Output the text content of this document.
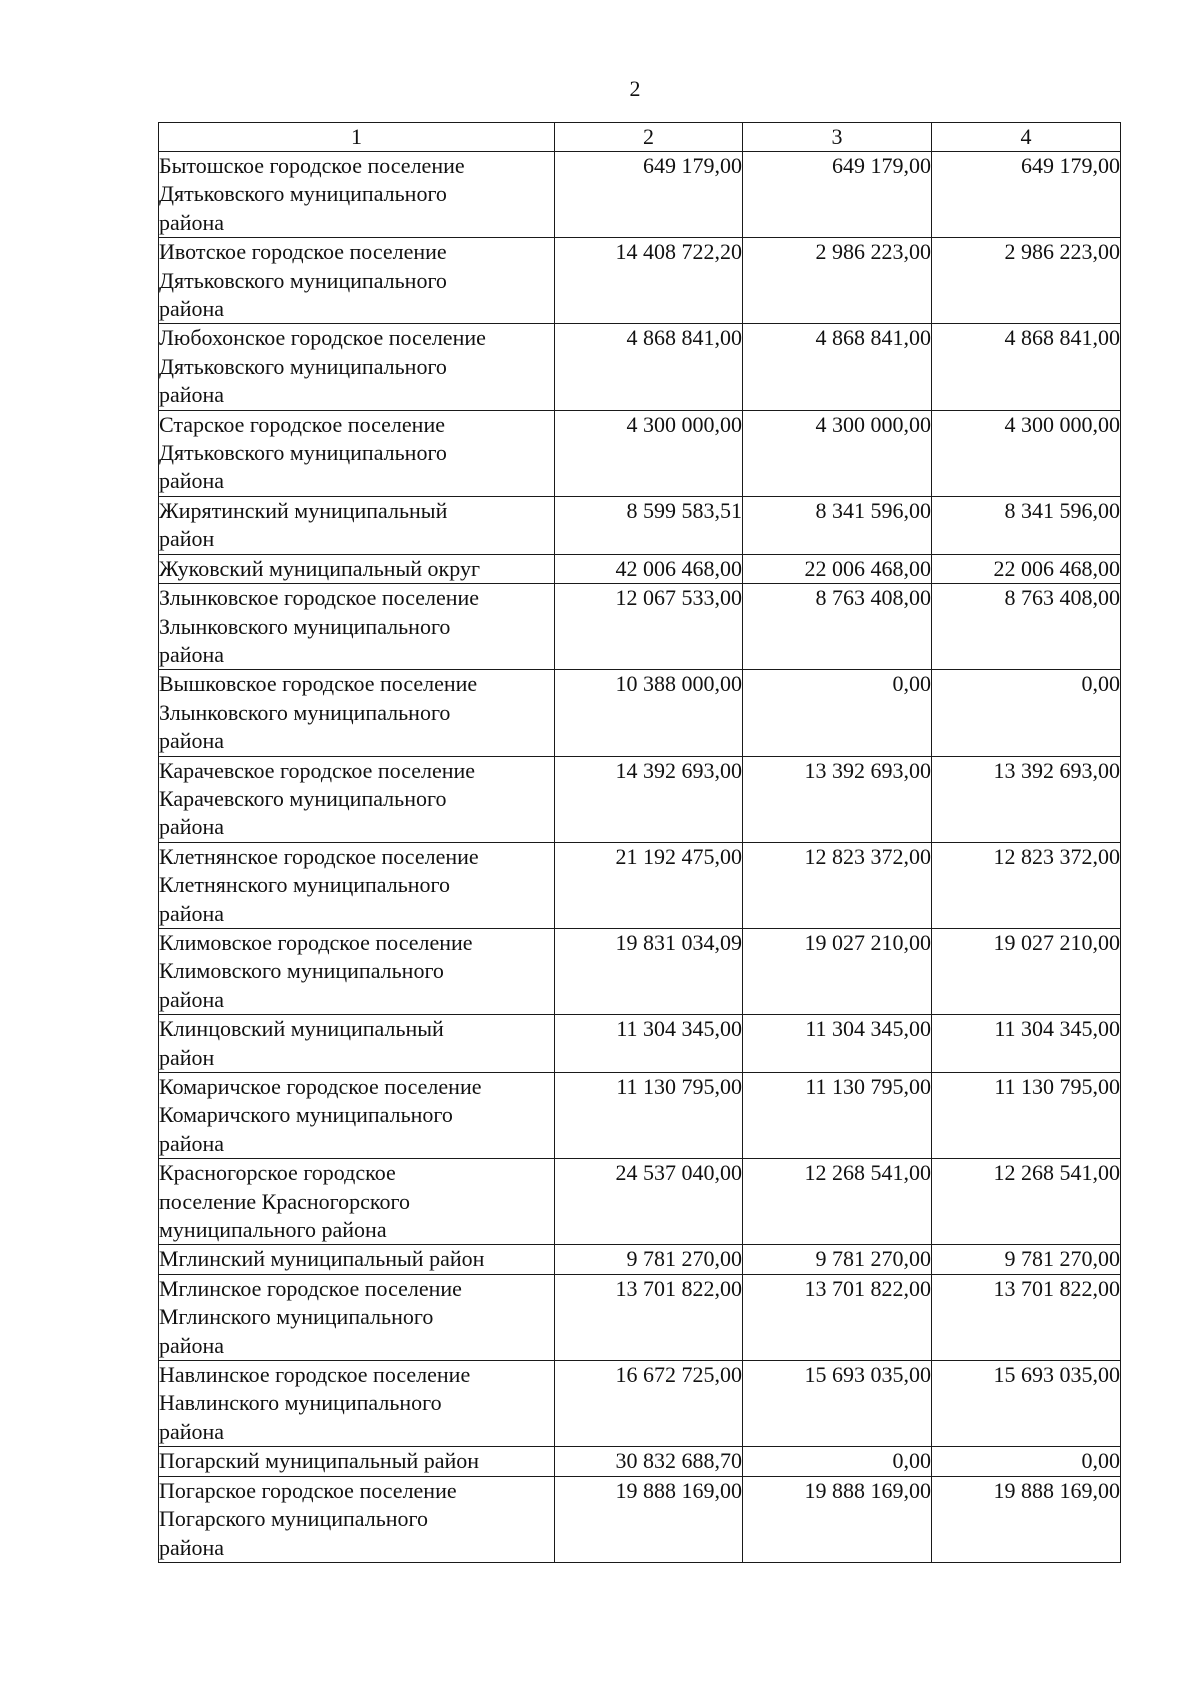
2
1	2	3	4

Бытошское городское поселение
Дятьковского муниципального
района	649 179,00	649 179,00	649 179,00

Ивотское городское поселение
Дятьковского муниципального
района	14 408 722,20	2 986 223,00	2 986 223,00

Любохонское городское поселение
Дятьковского муниципального
района	4 868 841,00	4 868 841,00	4 868 841,00

Старское городское поселение
Дятьковского муниципального
района	4 300 000,00	4 300 000,00	4 300 000,00

Жирятинский муниципальный
район	8 599 583,51	8 341 596,00	8 341 596,00

Жуковский муниципальный округ	42 006 468,00	22 006 468,00	22 006 468,00

Злынковское городское поселение
Злынковского муниципального
района	12 067 533,00	8 763 408,00	8 763 408,00

Вышковское городское поселение
Злынковского муниципального
района	10 388 000,00	0,00	0,00

Карачевское городское поселение
Карачевского муниципального
района	14 392 693,00	13 392 693,00	13 392 693,00

Клетнянское городское поселение
Клетнянского муниципального
района	21 192 475,00	12 823 372,00	12 823 372,00

Климовское городское поселение
Климовского муниципального
района	19 831 034,09	19 027 210,00	19 027 210,00

Клинцовский муниципальный
район	11 304 345,00	11 304 345,00	11 304 345,00

Комаричское городское поселение
Комаричского муниципального
района	11 130 795,00	11 130 795,00	11 130 795,00

Красногорское городское
поселение Красногорского
муниципального района	24 537 040,00	12 268 541,00	12 268 541,00

Мглинский муниципальный район	9 781 270,00	9 781 270,00	9 781 270,00

Мглинское городское поселение
Мглинского муниципального
района	13 701 822,00	13 701 822,00	13 701 822,00

Навлинское городское поселение
Навлинского муниципального
района	16 672 725,00	15 693 035,00	15 693 035,00

Погарский муниципальный район	30 832 688,70	0,00	0,00

Погарское городское поселение
Погарского муниципального
района	19 888 169,00	19 888 169,00	19 888 169,00
